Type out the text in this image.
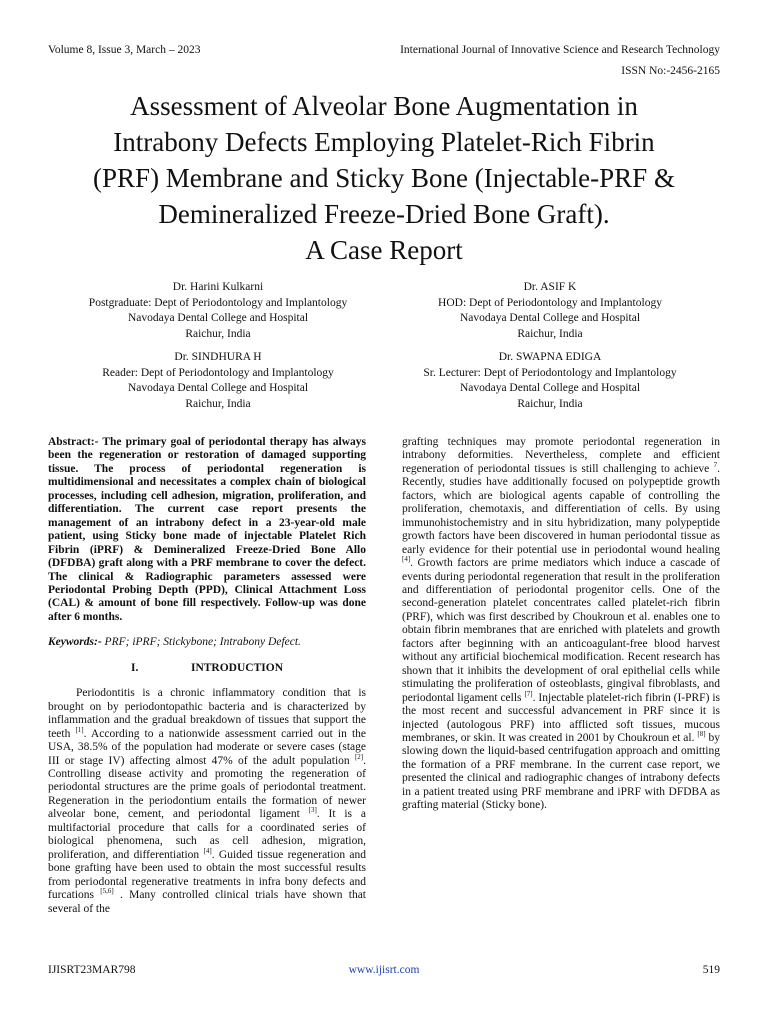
Volume 8, Issue 3, March – 2023	International Journal of Innovative Science and Research Technology
ISSN No:-2456-2165
Assessment of Alveolar Bone Augmentation in
Intrabony Defects Employing Platelet-Rich Fibrin
(PRF) Membrane and Sticky Bone (Injectable-PRF &
Demineralized Freeze-Dried Bone Graft).
A Case Report
Dr. Harini Kulkarni
Postgraduate: Dept of Periodontology and Implantology
Navodaya Dental College and Hospital
Raichur, India
Dr. ASIF K
HOD: Dept of Periodontology and Implantology
Navodaya Dental College and Hospital
Raichur, India
Dr. SINDHURA H
Reader: Dept of Periodontology and Implantology
Navodaya Dental College and Hospital
Raichur, India
Dr. SWAPNA EDIGA
Sr. Lecturer: Dept of Periodontology and Implantology
Navodaya Dental College and Hospital
Raichur, India
Abstract:- The primary goal of periodontal therapy has always been the regeneration or restoration of damaged supporting tissue. The process of periodontal regeneration is multidimensional and necessitates a complex chain of biological processes, including cell adhesion, migration, proliferation, and differentiation. The current case report presents the management of an intrabony defect in a 23-year-old male patient, using Sticky bone made of injectable Platelet Rich Fibrin (iPRF) & Demineralized Freeze-Dried Bone Allo (DFDBA) graft along with a PRF membrane to cover the defect. The clinical & Radiographic parameters assessed were Periodontal Probing Depth (PPD), Clinical Attachment Loss (CAL) & amount of bone fill respectively. Follow-up was done after 6 months.
Keywords:- PRF; iPRF; Stickybone; Intrabony Defect.
I.	INTRODUCTION
Periodontitis is a chronic inflammatory condition that is brought on by periodontopathic bacteria and is characterized by inflammation and the gradual breakdown of tissues that support the teeth [1]. According to a nationwide assessment carried out in the USA, 38.5% of the population had moderate or severe cases (stage III or stage IV) affecting almost 47% of the adult population [2]. Controlling disease activity and promoting the regeneration of periodontal structures are the prime goals of periodontal treatment. Regeneration in the periodontium entails the formation of newer alveolar bone, cement, and periodontal ligament [3]. It is a multifactorial procedure that calls for a coordinated series of biological phenomena, such as cell adhesion, migration, proliferation, and differentiation [4]. Guided tissue regeneration and bone grafting have been used to obtain the most successful results from periodontal regenerative treatments in infra bony defects and furcations [5,6] . Many controlled clinical trials have shown that several of the

grafting techniques may promote periodontal regeneration in intrabony deformities. Nevertheless, complete and efficient regeneration of periodontal tissues is still challenging to achieve $^7$. Recently, studies have additionally focused on polypeptide growth factors, which are biological agents capable of controlling the proliferation, chemotaxis, and differentiation of cells. By using immunohistochemistry and in situ hybridization, many polypeptide growth factors have been discovered in human periodontal tissue as early evidence for their potential use in periodontal wound healing [4]. Growth factors are prime mediators which induce a cascade of events during periodontal regeneration that result in the proliferation and differentiation of periodontal progenitor cells. One of the second-generation platelet concentrates called platelet-rich fibrin (PRF), which was first described by Choukroun et al. enables one to obtain fibrin membranes that are enriched with platelets and growth factors after beginning with an anticoagulant-free blood harvest without any artificial biochemical modification. Recent research has shown that it inhibits the development of oral epithelial cells while stimulating the proliferation of osteoblasts, gingival fibroblasts, and periodontal ligament cells [7]. Injectable platelet-rich fibrin (I-PRF) is the most recent and successful advancement in PRF since it is injected (autologous PRF) into afflicted soft tissues, mucous membranes, or skin. It was created in 2001 by Choukroun et al. [8] by slowing down the liquid-based centrifugation approach and omitting the formation of a PRF membrane. In the current case report, we presented the clinical and radiographic changes of intrabony defects in a patient treated using PRF membrane and iPRF with DFDBA as grafting material (Sticky bone).

IJISRT23MAR798	www.ijisrt.com	519
